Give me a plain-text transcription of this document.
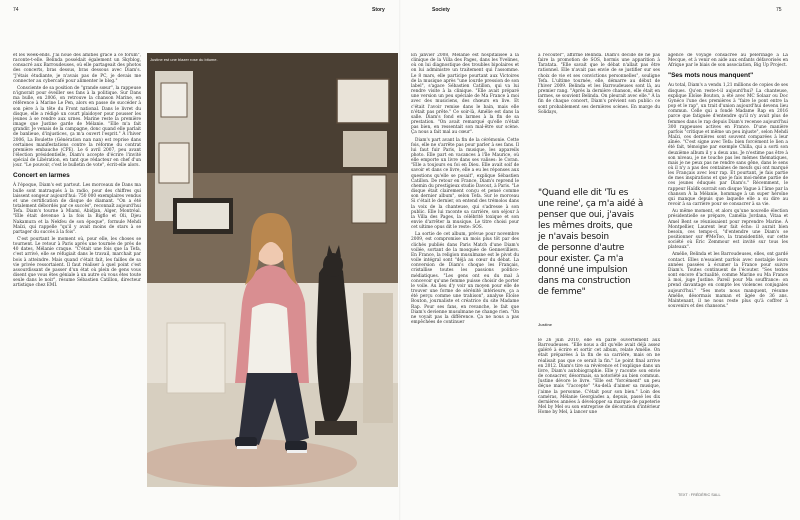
74	Story	Society	75

et les week-ends. J'ai noué des amitiés grâce à ce forum", raconte-t-elle. Belinda possédait également un Skyblog, consacré aux Barroudeuses, où elle partageait des photos des concerts, bras dessus, bras dessous avec Diam's. "J'étais étudiante, je n'avais pas de PC, je devais me connecter au cybercafé pour alimenter le blog."

Consciente de sa position de "grande sœur", la rappeuse n'ignorait pour éveiller ses fans à la politique. Sur Dans ma bulle, en 2006, on retrouve la chanson Marine, en référence à Marine Le Pen, alors en passe de succéder à son père à la tête du Front national. Dans le livret du disque, elle a rédigé un court plaidoyer pour pousser les jeunes à se rendre aux urnes. Marine reste la première image que Justine garde de Mélanie. "Elle m'a fait grandir. Je venais de la campagne, donc quand elle parlait de banlieue, d'injustices, ça m'a ouvert l'esprit." À l'hiver 2006, La Boulette (Génération nan nan) est reprise dans certaines manifestations contre la réforme du contrat première embauche (CPE). Le 6 avril 2007, peu avant l'élection présidentielle, Diam's accepte d'écrire l'invité spécial de Libération, en tant que rédacteur en chef d'un jour. "Le pouvoir, c'est le bulletin de vote", écrit-elle alors.

Concert en larmes

À l'époque, Diam's est partout. Les morceaux de Dans ma bulle sont matraqués à la radio, pour des chiffres qui laissent songeur aujourd'hui: 750 000 exemplaires vendus et une certification de disque de diamant. "On a été totalement débordés par ce succès", reconnaît aujourd'hui Tefa. Diam's tourne à Miami, Abidjan, Alger, Montréal. "Elle était devenue à la fois la Bigflo et Oli, Djeu Nakamura et la Nekfeu de son époque", formule Mehdi Maïzi, qui rappelle "qu'il y avait moins de stars à se partager du succès à la fois".

C'est pourtant le moment où, pour elle, les choses se tournent. Le retour à Paris après une tournée de près de 40 dates, Mélanie craque. "C'était une fois que la Tefa, c'est arrivé, elle se réfugiait dans le travail, marchait par bois à atteindre. Mais quand c'était fait, les failles de sa vie privée ressortaient. Il faut réaliser à quel point c'est assourdissant de passer d'un état où plein de gens vous disent que vous êtes géniale à un autre où vous êtes toute seule dans le noir", résume Sébastien Catillon, directeur artistique chez EMI.

Justine est une blazer rose du bitume.

En janvier 2008, Mélanie est hospitalisée à la clinique de la Villa des Pages, dans les Yvelines, où on lui diagnostique des troubles bipolaires et on lui administre un traitement qui l'assomme. Le 8 mars, elle participe pourtant aux Victoires de la musique après "une lourde pression de son label", s'agace Sébastien Catillon, qui va lui rendre visite à la clinique. "Elle avait préparé une version un peu spéciale de Ma France à moi avec des musiciens, des chœurs en live. Et c'était l'avoir remise dans le bain, mais elle n'était pas prête." Ce soir-là, Amélie est dans la salle. Diam's fond en larmes à la fin de sa prestation. "On avait remarqué qu'elle n'était pas bien, en ressentait son mal-être sur scène. Ça nous a fait mal au cœur".

Diam's part avant la fin de la cérémonie. Cette fois, elle ne s'arrête pas pour parler à ses fans. Il lui faut fuir Paris, la musique, les appareils photo. Elle part en vacances à l'île Maurice, où elle emporte un livre dans ses valises: le Coran. "Elle a toujours eu foi en Dieu. Elle avait soif de savoir et dans ce livre, elle a eu les réponses aux questions qu'elle se posait", explique Sébastien Catillon. De retour en France, Diam's reprend le chemin du prestigieux studio Davout, à Paris. "Le disque était clairement conçu et pensé comme son dernier album", selon Tefa. Sur le morceau Si c'était le dernier, on entend des trémolos dans la voix de la chanteuse, qui s'adresse à son public. Elle lui raconte sa carrière, son séjour à la Villa des Pages, la célébrité toxique et son envie d'arrêter la musique. Le titre choisi pour cet ultime opus dit le reste: SOS.

La sortie de cet album, prévue pour novembre 2009, est compromise un mois plus tôt par des clichés publiés dans Paris Match d'une Diam's voilée, sortant de la mosquée de Gennevilliers. En France, la religion musulmane est le pivot du voile intégral sont "déjà au cœur du débat. La conversion de Diam's choque les Français, cristallise toutes les passions politico-médiatiques. "Les gens ont eu du mal à concevoir qu'une femme puisse choisir de porter le voile. Au lieu d'y voir un moyen pour elle de trouver une forme de sérénité intérieure, ça a été perçu comme une trahison", analyse Éloïse Bouton, journaliste et créatrice du site Madame Rap. Pour ses fans, en revanche, le fait que Diam's devienne musulmane ne change rien. "On ne voyait pas la différence. Ça ne nous a pas empêchées de continuer

à l'écouter", affirme Belinda. Diam's décide de ne pas faire la promotion de SOS, hormis une apparition à Taratata. "Elle savait que le débat n'allait pas être rationnel. Elle n'avait pas envie de se justifier sur ses choix de vie et ses convictions personnelles", souligne Tefa. L'ultime tournée, elle, démarre au début de l'hiver 2009. Belinda et les Barroudeuses sont là, au premier rang. "Après la dernière chanson, elle était en larmes, se souvient Belinda. On pleurait avec elle." À la fin de chaque concert, Diam's prévient son public: ce sont probablement ses dernières scènes. En marge du Solidays,

"Quand elle dit 'Tu es
une reine', ça m'a aidé à
penser que oui, j'avais
les mêmes droits, que
je n'avais besoin
de personne d'autre
pour exister. Ça m'a
donné une impulsion
dans ma construction
de femme"
Justine

le 26 juin 2010, elle en parle ouvertement aux Barroudeuses. "Elle nous a dit qu'elle avait déjà assez galéré à écrire et sortir cet album, relate Amélie. On était préparées à la fin de sa carrière, mais on ne réalisait pas que ce serait la fin." Le point final arrive en 2012. Diam's tire sa révérence et l'explique dans un livre, Diam's autobiographie. Elle y raconte son envie de consacrer, désormais, sa notoriété au bien commun. Justine dévore le livre. "Elle est "forcément" un peu déçue mais "l'accepte" "Au-delà d'aimer sa musique, j'aime la personne. C'était pour son bien." Loin des caméras, Mélanie Georgiades a, depuis, passé les dix dernières années à développer sa marque de papeterie Mel by Mel ou son entreprise de décoration d'intérieur Home by Mel, à lancer une

agence de voyage consacrée au pèlerinage à La Mecque, et à venir en aide aux enfants défavorisés en Afrique par le biais de son association, Big Up Project.

"Ses mots nous manquent"

Au total, Diam's a vendu 1,21 millions de copies de ses disques. Qu'en reste-t-il aujourd'hui? La chanteuse, explique Éloïse Bouton, a été avec MC Solaar ou Doc Gynéco l'une des premières à "faire le pont entre la pop et le rap", un trait d'union aujourd'hui devenu lieu commun. Celle qui a fondé Madame Rap en 2016 parce que fatiguée d'entendre qu'il n'y avait plus de femmes dans le rap depuis Diam's recense aujourd'hui 300 rappeuses actives en France. D'une manière parfois "critique et même un peu injuste", selon Mehdi Maïzi, ces dernières sont souvent comparées à leur aînée. "C'est signe avec Tefa: bien forcément le lien a été fait, témoigne par exemple Chilla, qui a sorti son deuxième album il y a deux ans. Je n'estime pas être à son niveau, je ne touche pas les mêmes thématiques, mais je ne peux pas ne rendre sans gêne, dans le sens où il n'y a pas des centaines de meufs qui ont marqué les Français avec leur rap. Et pourtant, je fais partie de mes inspirations et que je fais moi-même partie de ces jeunes éduqués par Diam's." Récemment, le rappeur Haïdk ouvrait son disque Vague à l'âme par la chanson À la Mélanie, hommage à un super héroïne qui manque depuis que laquelle elle a su dire au revoir à sa carrière pour se consacrer à sa vie.

Au même moment, et alors qu'une nouvelle élection présidentielle se prépare, Camélia Jordana, Vitaa et Amel Bent se réunissaient pour reprendre Marine. À Montpellier, Laurent leur fait écho: il aurait bien besoin, ces temps-ci, "d'entendre une Diam's se positionner sur #MeToo, la transidentité, sur cette société où Éric Zemmour est invité sur tous les plateaux".

Amélie, Belinda et les Barroudeuses, elles, ont gardé contact. Elles n'essaient parfois avec nostalgie leurs années passées à écumer la France pour suivre Diam's. Toutes continuent de l'écouter. "Ses textes sont encore d'actualité, comme Marine ou Ma France à moi, juge Justine. Pareil pour Ma souffrance: on prend davantage en compte les violences conjugales aujourd'hui." "Ses mots nous manquent, résume Amélie, désormais maman et âgée de 36 ans. Maintenant, il ne nous reste plus qu'à coffrer à souvenirs et des chansons."

TEXT : FRÉDÉRIC SALL
